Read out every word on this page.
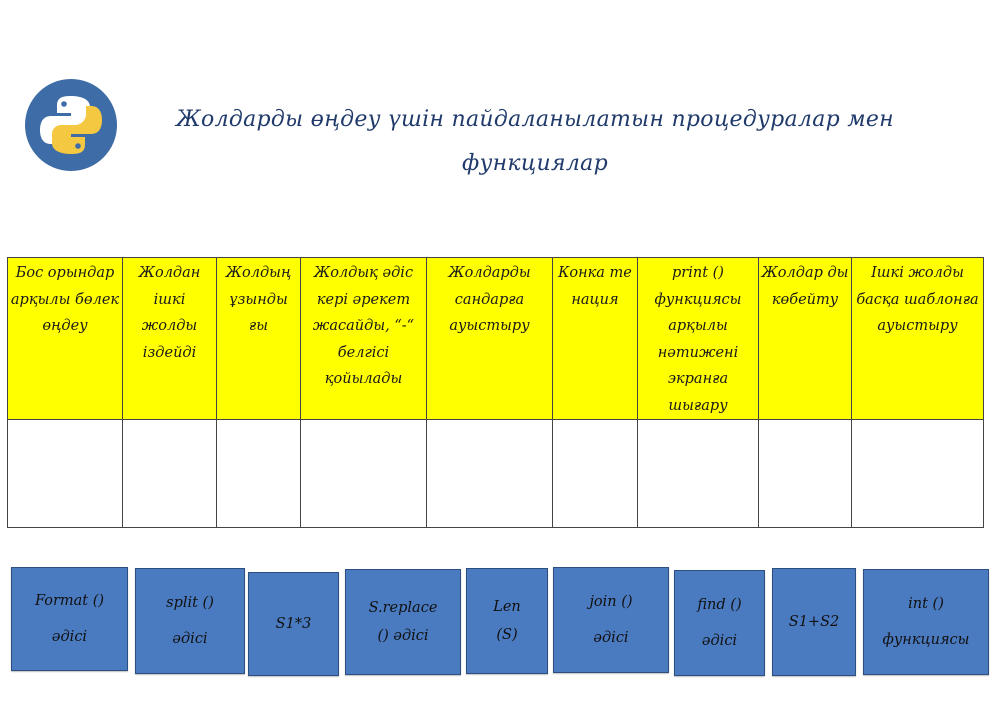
Жолдарды өңдеу үшін пайдаланылатын процедуралар мен
функциялар
Бос орындар арқылы бөлек өңдеу	Жолдан ішкі жолды іздейді	Жолдың ұзынды ғы	Жолдық әдіс кері әрекет жасайды, “-“ белгісі қойылады	Жолдарды сандарға ауыстыру	Конка те нация	print () функциясы арқылы нәтижені экранға шығару	Жолдар ды көбейту	Ішкі жолды басқа шаблонға ауыстыру

Format ()
әдісі
split ()
әдісі
S1*3
S.replace
() әдісі
Len
(S)
join ()
әдісі
find ()
әдісі
S1+S2
int ()
функциясы
